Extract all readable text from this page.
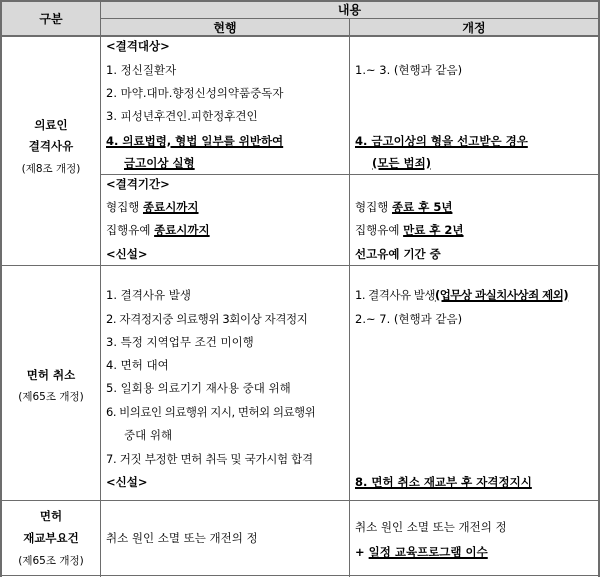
구분
내용
현행	개정
의료인
결격사유
(제8조 개정)
<결격대상>
1. 정신질환자
2. 마약.대마.향정신성의약품중독자
3. 피성년후견인.피한정후견인
4. 의료법령, 형법 일부를 위반하여
금고이상 실형
1.~ 3. (현행과 같음)
4. 금고이상의 형을 선고받은 경우
(모든 범죄)
<결격기간>
형집행 종료시까지
집행유예 종료시까지
<신설>
형집행 종료 후 5년
집행유예 만료 후 2년
선고유예 기간 중
면허 취소
(제65조 개정)
1. 결격사유 발생
2. 자격정지중 의료행위 3회이상 자격정지
3. 특정 지역업무 조건 미이행
4. 면허 대여
5. 일회용 의료기기 재사용 중대 위해
6. 비의료인 의료행위 지시, 면허외 의료행위
중대 위해
7. 거짓 부정한 면허 취득 및 국가시험 합격
<신설>
1. 결격사유 발생(업무상 과실치사상죄 제외)
2.~ 7. (현행과 같음)
8. 면허 취소 재교부 후 자격정지시
면허
재교부요건
(제65조 개정)
취소 원인 소멸 또는 개전의 정
취소 원인 소멸 또는 개전의 정
+ 일정 교육프로그램 이수
